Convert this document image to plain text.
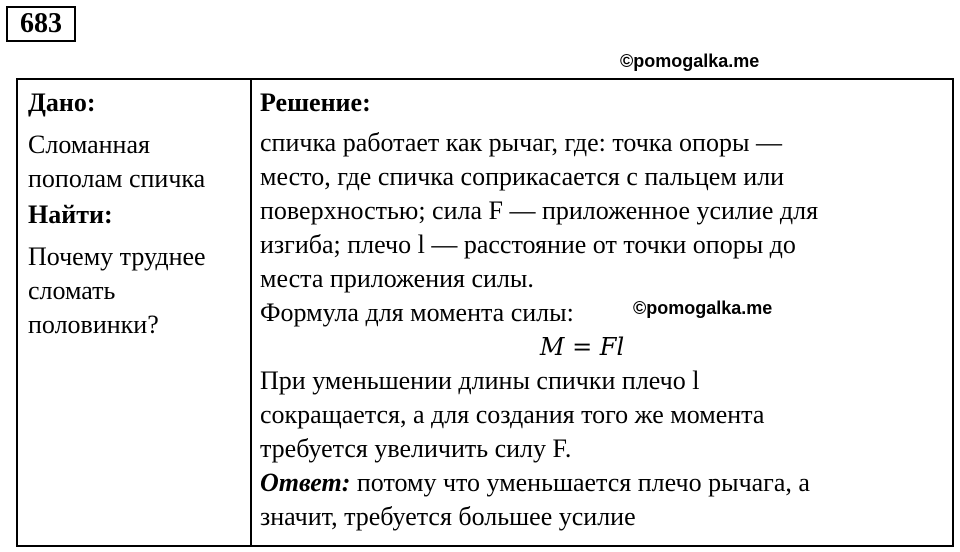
683
©pomogalka.me
Дано:
Сломанная
пополам спичка
Найти:
Почему труднее
сломать
половинки?

Решение:
спичка работает как рычаг, где: точка опоры —
место, где спичка соприкасается с пальцем или
поверхностью; сила F — приложенное усилие для
изгиба; плечо l — расстояние от точки опоры до
места приложения силы.
Формула для момента силы:
M = Fl
При уменьшении длины спички плечо l
сокращается, а для создания того же момента
требуется увеличить силу F.
Ответ: потому что уменьшается плечо рычага, а
значит, требуется большее усилие
©pomogalka.me
